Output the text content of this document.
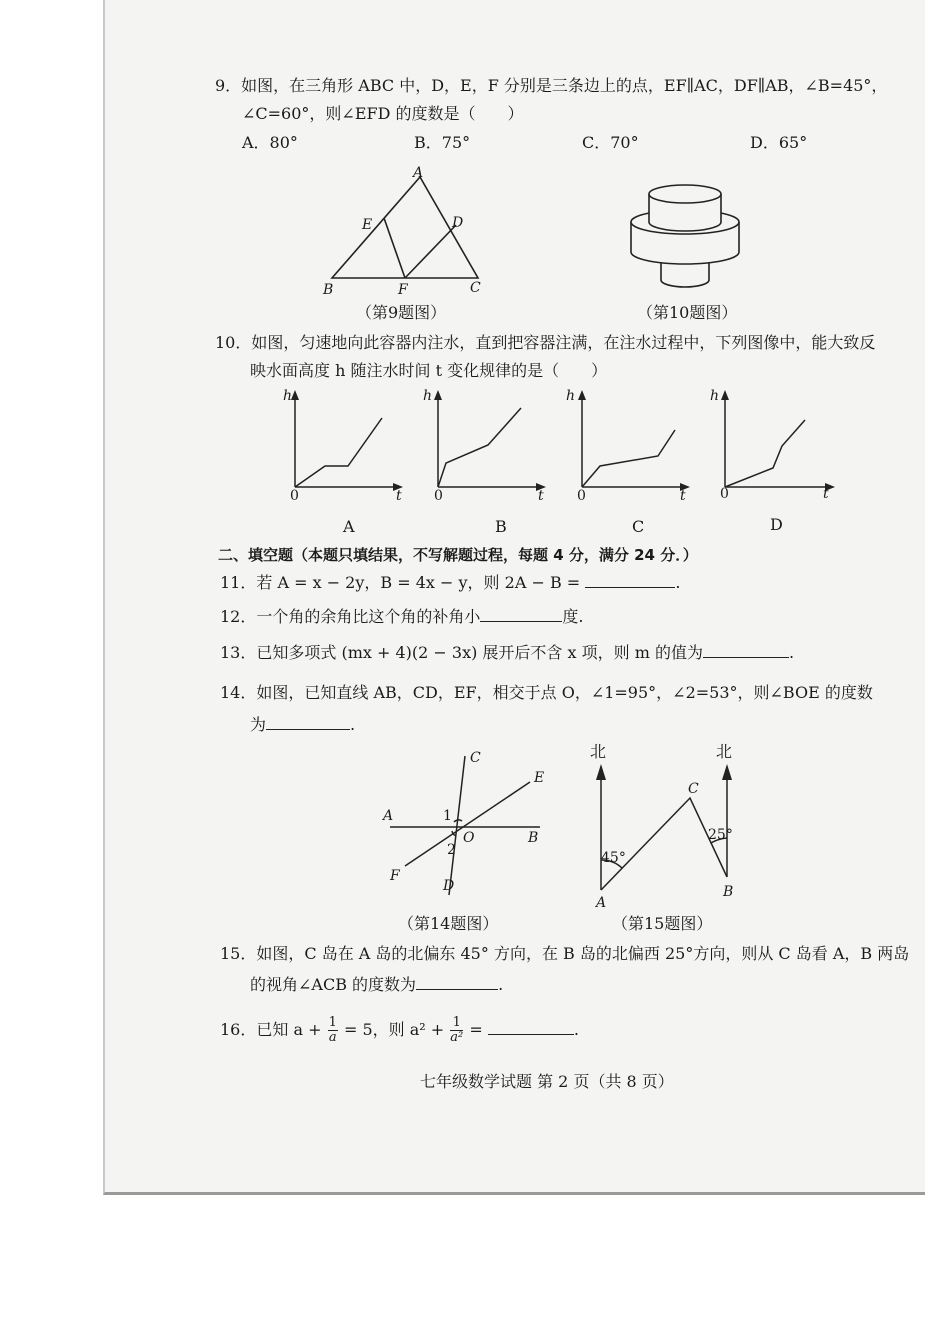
9．如图，在三角形 ABC 中，D，E，F 分别是三条边上的点，EF∥AC，DF∥AB，∠B=45°，
∠C=60°，则∠EFD 的度数是（　　）
A．80°	B．75°	C．70°	D．65°
A
E	D
B	F	C
（第9题图）	（第10题图）
10．如图，匀速地向此容器内注水，直到把容器注满，在注水过程中，下列图像中，能大致反
映水面高度 h 随注水时间 t 变化规律的是（　　）
h
0	t
A
h
0	t
B
h
0	t
C
h
0	t
D
二、填空题（本题只填结果，不写解题过程，每题 4 分，满分 24 分．）
11．若 A = x − 2y，B = 4x − y，则 2A − B =	.
12．一个角的余角比这个角的补角小	度.
13．已知多项式 (mx + 4)(2 − 3x) 展开后不含 x 项，则 m 的值为	.
14．如图，已知直线 AB，CD，EF，相交于点 O，∠1=95°，∠2=53°，则∠BOE 的度数
为	.
C
E
A	1
O	B
2
F
D
（第14题图）
北	北
C
45°
25°
A
B
（第15题图）
15．如图，C 岛在 A 岛的北偏东 45° 方向，在 B 岛的北偏西 25°方向，则从 C 岛看 A，B 两岛
的视角∠ACB 的度数为	.
16．已知 $a + \frac{1}{a} = 5$，则 $a^2 + \frac{1}{\text{a²}}$ =	.
七年级数学试题 第 2 页（共 8 页）
